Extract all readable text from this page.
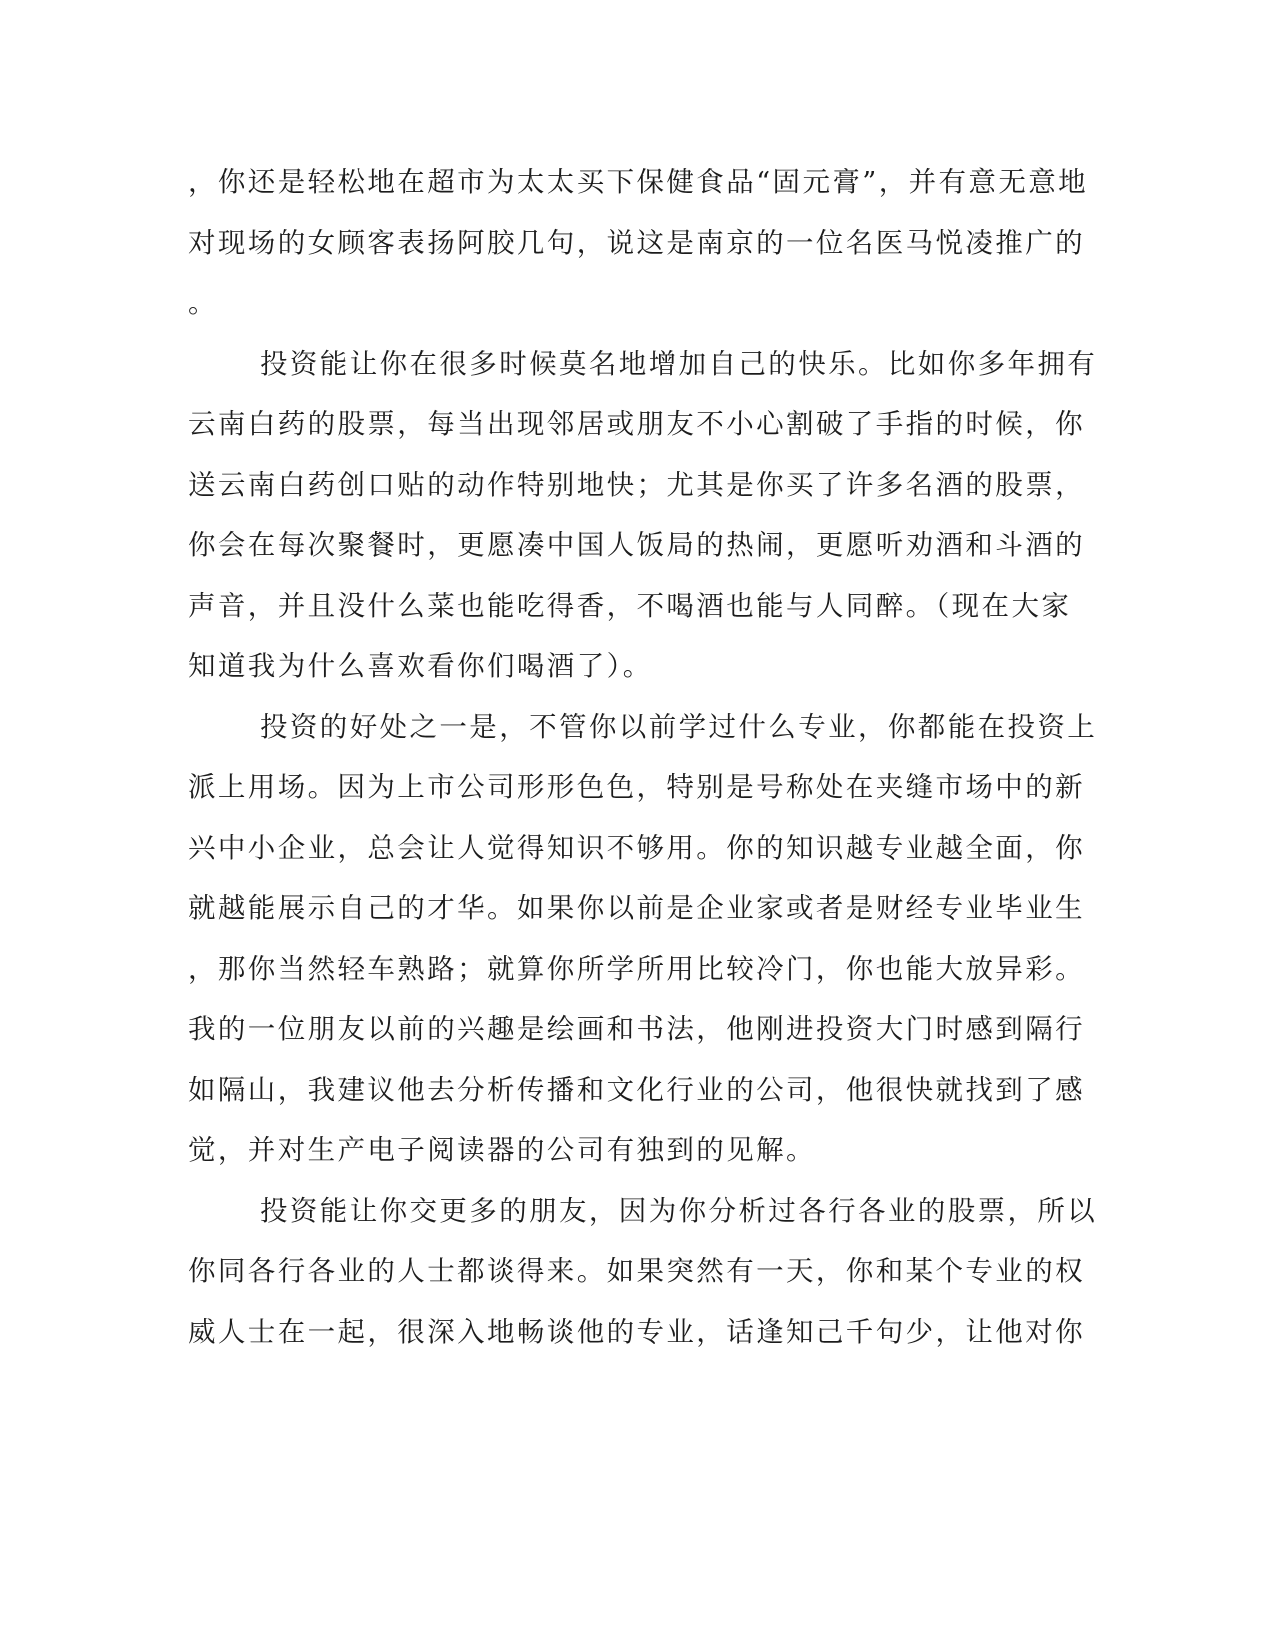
，你还是轻松地在超市为太太买下保健食品“固元膏”，并有意无意地
对现场的女顾客表扬阿胶几句，说这是南京的一位名医马悦凌推广的
。
投资能让你在很多时候莫名地增加自己的快乐。比如你多年拥有
云南白药的股票，每当出现邻居或朋友不小心割破了手指的时候，你
送云南白药创口贴的动作特别地快；尤其是你买了许多名酒的股票，
你会在每次聚餐时，更愿凑中国人饭局的热闹，更愿听劝酒和斗酒的
声音，并且没什么菜也能吃得香，不喝酒也能与人同醉。（现在大家
知道我为什么喜欢看你们喝酒了）。
投资的好处之一是，不管你以前学过什么专业，你都能在投资上
派上用场。因为上市公司形形色色，特别是号称处在夹缝市场中的新
兴中小企业，总会让人觉得知识不够用。你的知识越专业越全面，你
就越能展示自己的才华。如果你以前是企业家或者是财经专业毕业生
，那你当然轻车熟路；就算你所学所用比较冷门，你也能大放异彩。
我的一位朋友以前的兴趣是绘画和书法，他刚进投资大门时感到隔行
如隔山，我建议他去分析传播和文化行业的公司，他很快就找到了感
觉，并对生产电子阅读器的公司有独到的见解。
投资能让你交更多的朋友，因为你分析过各行各业的股票，所以
你同各行各业的人士都谈得来。如果突然有一天，你和某个专业的权
威人士在一起，很深入地畅谈他的专业，话逢知己千句少，让他对你
